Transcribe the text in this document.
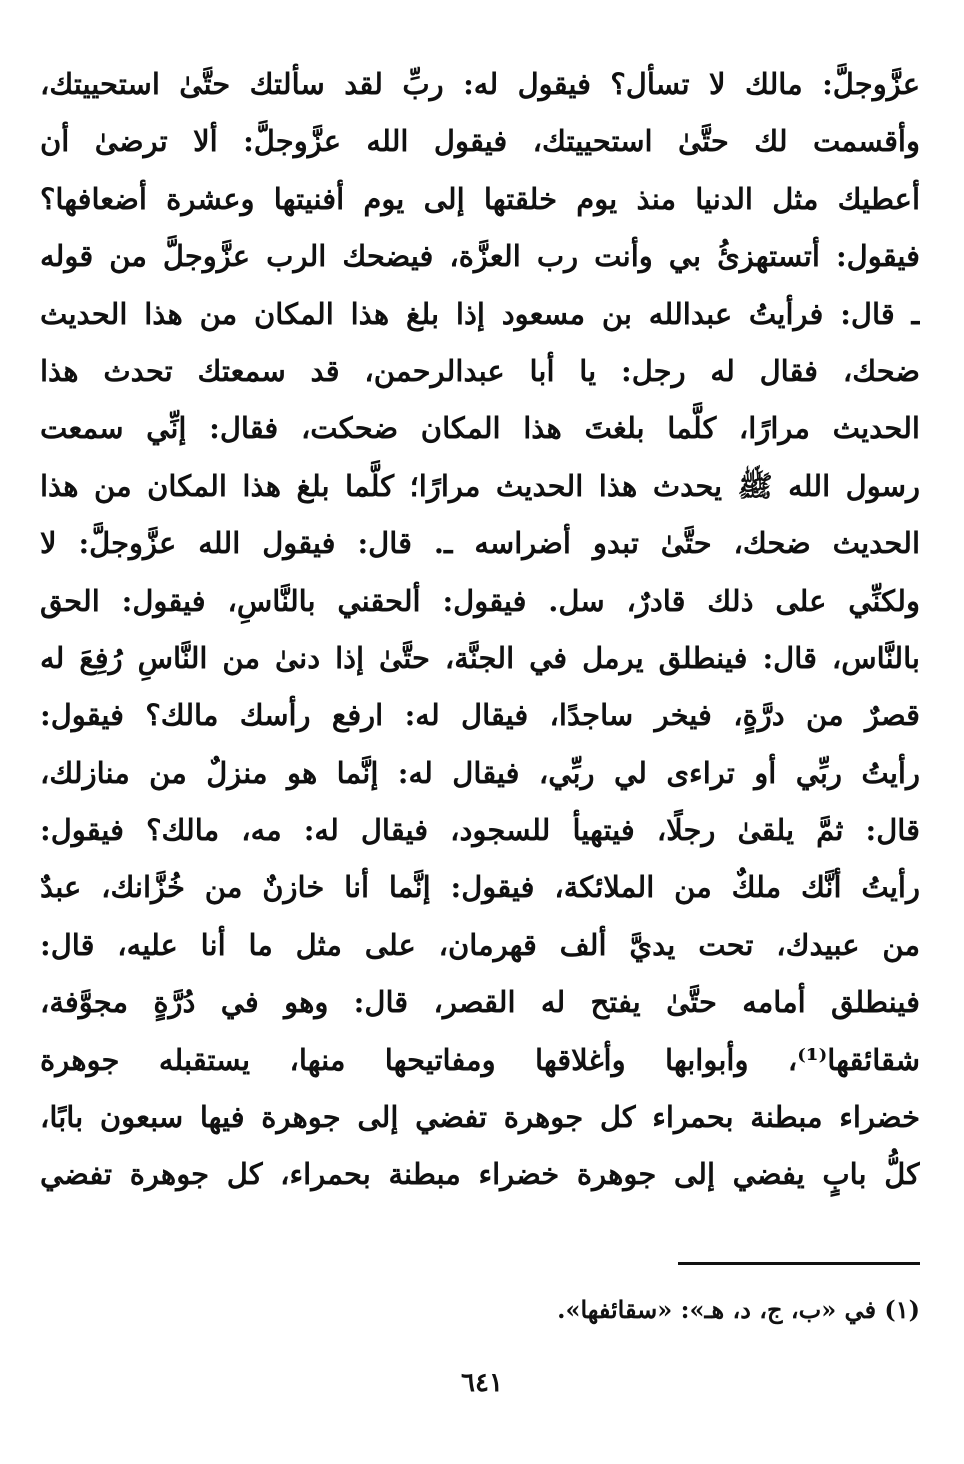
عزَّوجلَّ: مالك لا تسأل؟ فيقول له: ربِّ لقد سألتك حتَّىٰ استحييتك،
وأقسمت لك حتَّىٰ استحييتك، فيقول الله عزَّوجلَّ: ألا ترضىٰ أن
أعطيك مثل الدنيا منذ يوم خلقتها إلى يوم أفنيتها وعشرة أضعافها؟
فيقول: أتستهزئُ بي وأنت رب العزَّة، فيضحك الرب عزَّوجلَّ من قوله
ـ قال: فرأيتُ عبدالله بن مسعود إذا بلغ هذا المكان من هذا الحديث
ضحك، فقال له رجل: يا أبا عبدالرحمن، قد سمعتك تحدث هذا
الحديث مرارًا، كلَّما بلغتَ هذا المكان ضحكت، فقال: إنِّي سمعت
رسول الله ﷺ يحدث هذا الحديث مرارًا؛ كلَّما بلغ هذا المكان من هذا
الحديث ضحك، حتَّىٰ تبدو أضراسه ـ. قال: فيقول الله عزَّوجلَّ: لا
ولكنِّي على ذلك قادرٌ، سل. فيقول: ألحقني بالنَّاسِ، فيقول: الحق
بالنَّاس، قال: فينطلق يرمل في الجنَّة، حتَّىٰ إذا دنىٰ من النَّاسِ رُفِعَ له
قصرٌ من درَّةٍ، فيخر ساجدًا، فيقال له: ارفع رأسك مالك؟ فيقول:
رأيتُ ربِّي أو تراءى لي ربِّي، فيقال له: إنَّما هو منزلٌ من منازلك،
قال: ثمَّ يلقىٰ رجلًا، فيتهيأ للسجود، فيقال له: مه، مالك؟ فيقول:
رأيتُ أنَّك ملكٌ من الملائكة، فيقول: إنَّما أنا خازنٌ من خُزَّانك، عبدٌ
من عبيدك، تحت يديَّ ألف قهرمان، على مثل ما أنا عليه، قال:
فينطلق أمامه حتَّىٰ يفتح له القصر، قال: وهو في دُرَّةٍ مجوَّفة،
شقائقها⁽¹⁾، وأبوابها وأغلاقها ومفاتيحها منها، يستقبله جوهرة
خضراء مبطنة بحمراء كل جوهرة تفضي إلى جوهرة فيها سبعون بابًا،
كلُّ بابٍ يفضي إلى جوهرة خضراء مبطنة بحمراء، كل جوهرة تفضي
(١) في «ب، ج، د، هـ»: «سقائفها».
٦٤١
